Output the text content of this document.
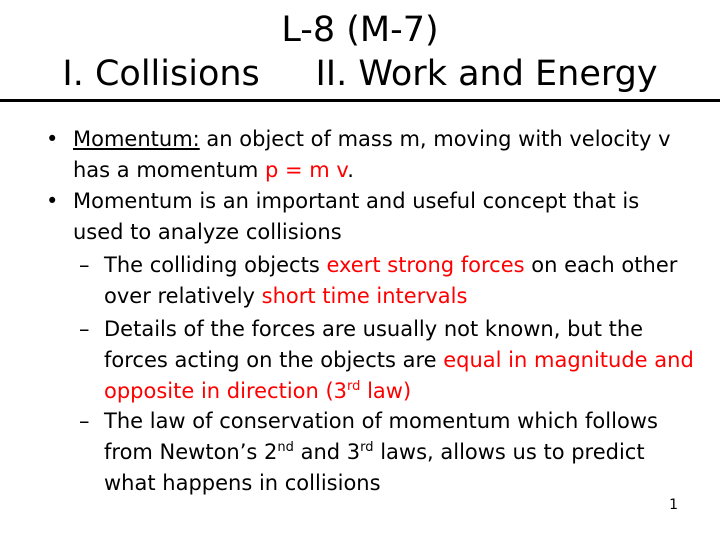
L-8 (M-7)

I. Collisions II. Work and Energy
• Momentum: an object of mass m, moving with velocity v has a momentum p = m v.
• Momentum is an important and useful concept that is used to analyze collisions
– The colliding objects exert strong forces on each other over relatively short time intervals
– Details of the forces are usually not known, but the forces acting on the objects are equal in magnitude and opposite in direction (3rd law)
– The law of conservation of momentum which follows from Newton’s 2nd and 3rd laws, allows us to predict what happens in collisions
1
